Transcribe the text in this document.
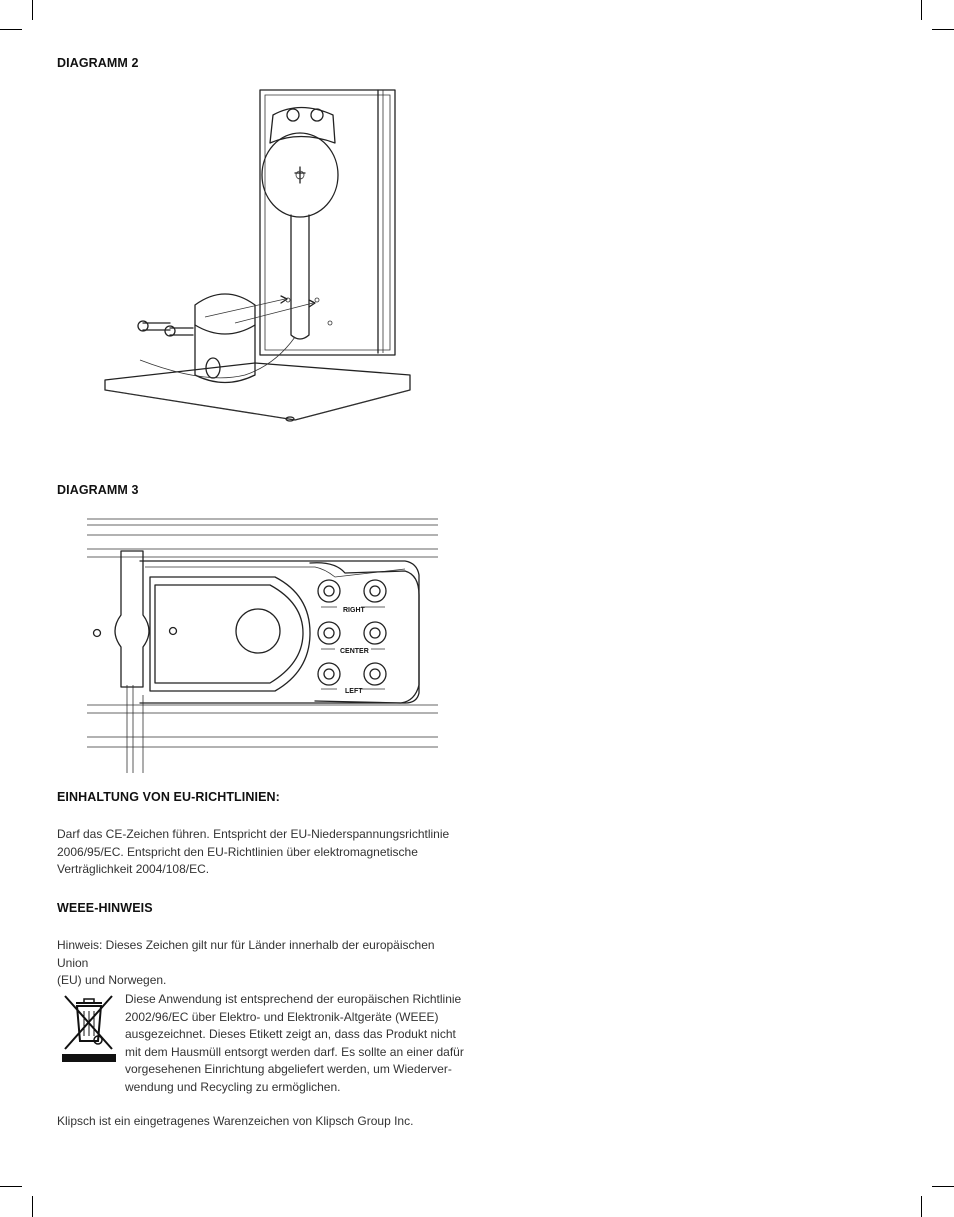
DIAGRAMM 2
DIAGRAMM 3
RIGHT
CENTER
LEFT
EINHALTUNG VON EU-RICHTLINIEN:

Darf das CE-Zeichen führen. Entspricht der EU-Niederspannungsrichtlinie
2006/95/EC. Entspricht den EU-Richtlinien über elektromagnetische
Verträglichkeit 2004/108/EC.

WEEE-HINWEIS

Hinweis: Dieses Zeichen gilt nur für Länder innerhalb der europäischen Union
(EU) und Norwegen.

Diese Anwendung ist entsprechend der europäischen Richtlinie
2002/96/EC über Elektro- und Elektronik-Altgeräte (WEEE)
ausgezeichnet. Dieses Etikett zeigt an, dass das Produkt nicht
mit dem Hausmüll entsorgt werden darf. Es sollte an einer dafür
vorgesehenen Einrichtung abgeliefert werden, um Wiederver-
wendung und Recycling zu ermöglichen.

Klipsch ist ein eingetragenes Warenzeichen von Klipsch Group Inc.
